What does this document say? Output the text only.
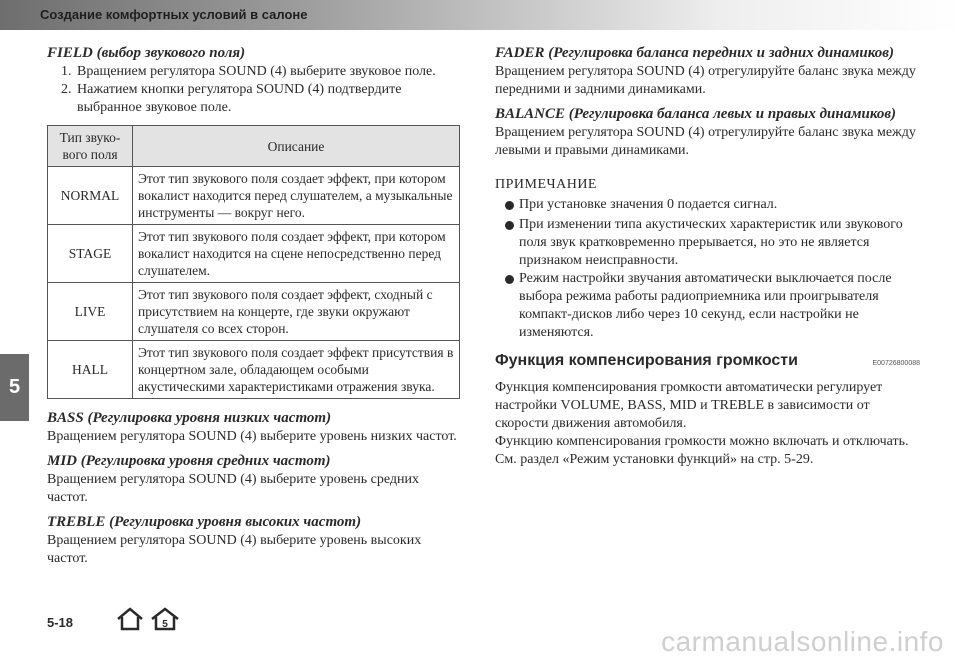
Создание комфортных условий в салоне
5
FIELD (выбор звукового поля)
1. Вращением регулятора SOUND (4) выберите звуковое поле.
2. Нажатием кнопки регулятора SOUND (4) подтвердите выбранное звуковое поле.
Тип звуко-вого поля	Описание
NORMAL	Этот тип звукового поля создает эффект, при котором вокалист находится перед слушателем, а музыкальные инструменты — вокруг него.
STAGE	Этот тип звукового поля создает эффект, при котором вокалист находится на сцене непосредственно перед слушателем.
LIVE	Этот тип звукового поля создает эффект, сходный с присутствием на концерте, где звуки окружают слушателя со всех сторон.
HALL	Этот тип звукового поля создает эффект присутствия в концертном зале, обладающем особыми акустическими характеристиками отражения звука.
BASS (Регулировка уровня низких частот)

Вращением регулятора SOUND (4) выберите уровень низких частот.

MID (Регулировка уровня средних частот)

Вращением регулятора SOUND (4) выберите уровень средних частот.

TREBLE (Регулировка уровня высоких частот)

Вращением регулятора SOUND (4) выберите уровень высоких частот.

FADER (Регулировка баланса передних и задних динамиков)

Вращением регулятора SOUND (4) отрегулируйте баланс звука между передними и задними динамиками.

BALANCE (Регулировка баланса левых и правых динамиков)

Вращением регулятора SOUND (4) отрегулируйте баланс звука между левыми и правыми динамиками.

ПРИМЕЧАНИЕ
При установке значения 0 подается сигнал.
При изменении типа акустических характеристик или звукового поля звук кратковременно прерывается, но это не является признаком неисправности.
Режим настройки звучания автоматически выключается после выбора режима работы радиоприемника или проигрывателя компакт-дисков либо через 10 секунд, если настройки не изменяются.
Функция компенсирования громкости	E00726800088

Функция компенсирования громкости автоматически регулирует настройки VOLUME, BASS, MID и TREBLE в зависимости от скорости движения автомобиля.

Функцию компенсирования громкости можно включать и отключать.

См. раздел «Режим установки функций» на стр. 5-29.

5-18	5
carmanualsonline.info
